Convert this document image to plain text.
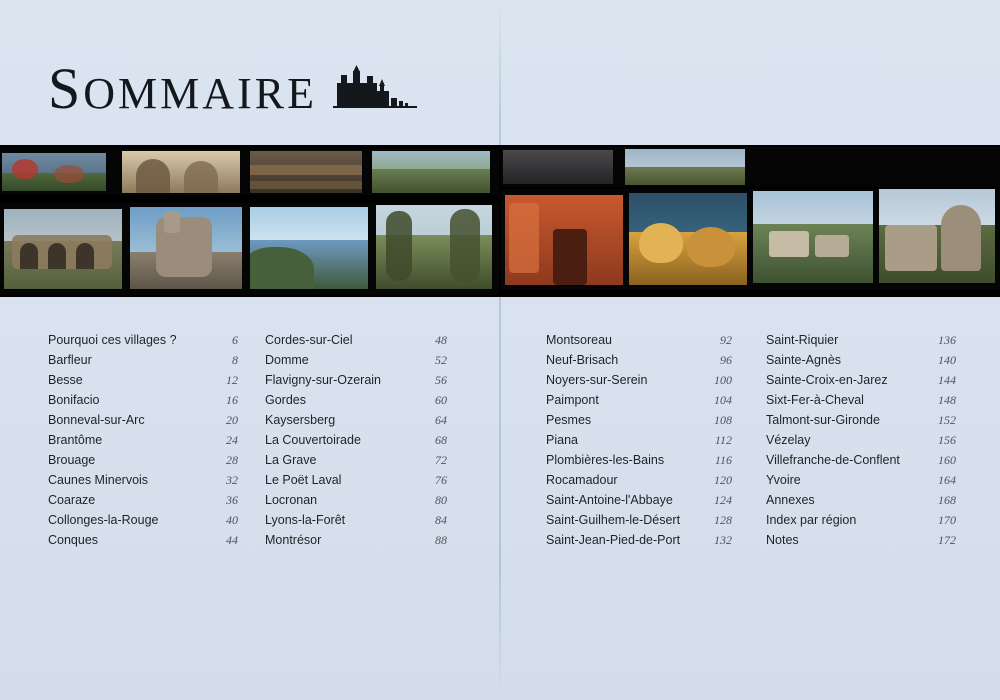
SOMMAIRE
Pourquoi ces villages ?	6
Barfleur	8
Besse	12
Bonifacio	16
Bonneval-sur-Arc	20
Brantôme	24
Brouage	28
Caunes Minervois	32
Coaraze	36
Collonges-la-Rouge	40
Conques	44
Cordes-sur-Ciel	48
Domme	52
Flavigny-sur-Ozerain	56
Gordes	60
Kaysersberg	64
La Couvertoirade	68
La Grave	72
Le Poët Laval	76
Locronan	80
Lyons-la-Forêt	84
Montrésor	88
Montsoreau	92
Neuf-Brisach	96
Noyers-sur-Serein	100
Paimpont	104
Pesmes	108
Piana	112
Plombières-les-Bains	116
Rocamadour	120
Saint-Antoine-l'Abbaye	124
Saint-Guilhem-le-Désert	128
Saint-Jean-Pied-de-Port	132
Saint-Riquier	136
Sainte-Agnès	140
Sainte-Croix-en-Jarez	144
Sixt-Fer-à-Cheval	148
Talmont-sur-Gironde	152
Vézelay	156
Villefranche-de-Conflent	160
Yvoire	164
Annexes	168
Index par région	170
Notes	172
